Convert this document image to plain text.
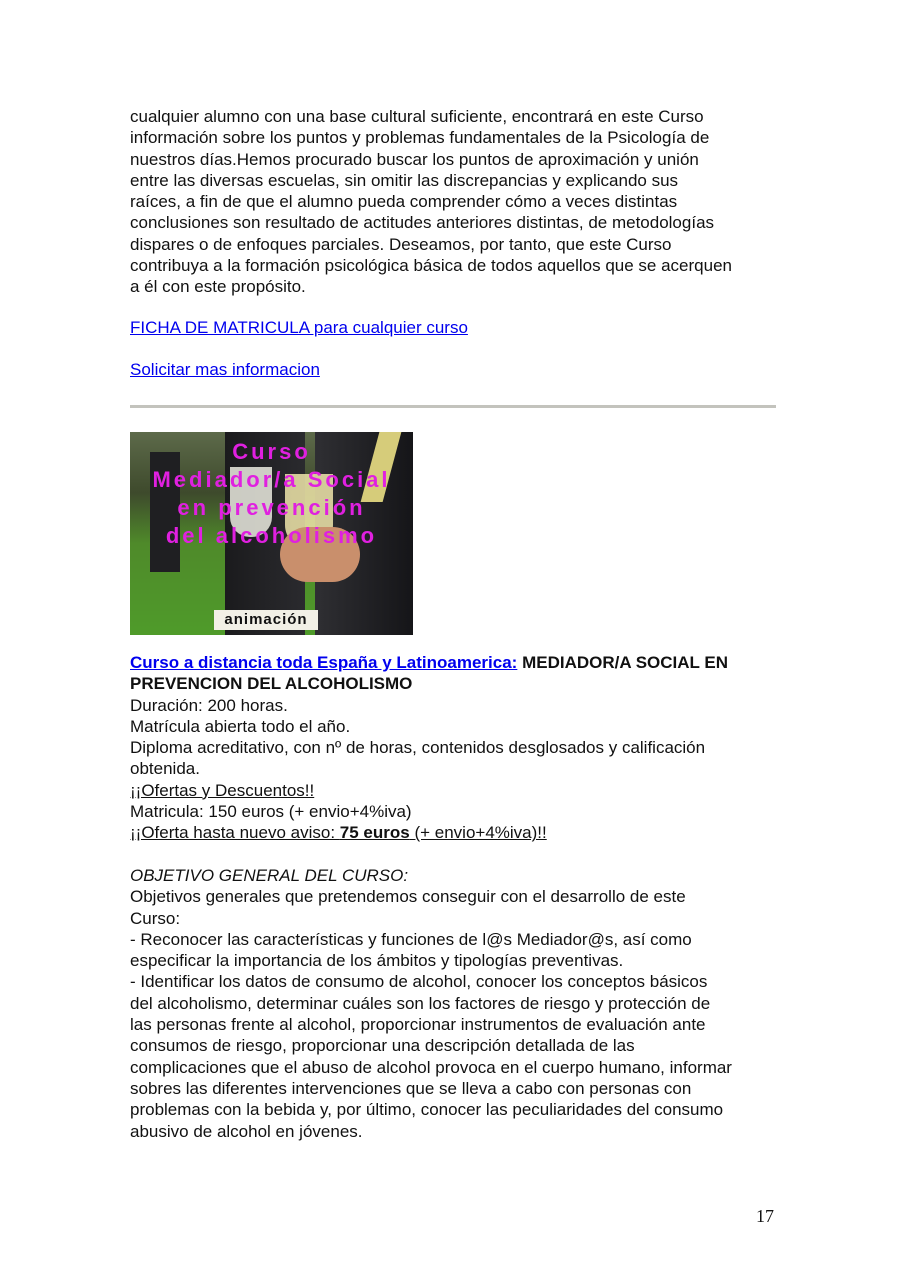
cualquier alumno con una base cultural suficiente, encontrará en este Curso
información sobre los puntos y problemas fundamentales de la Psicología de
nuestros días.Hemos procurado buscar los puntos de aproximación y unión
entre las diversas escuelas, sin omitir las discrepancias y explicando sus
raíces, a fin de que el alumno pueda comprender cómo a veces distintas
conclusiones son resultado de actitudes anteriores distintas, de metodologías
dispares o de enfoques parciales. Deseamos, por tanto, que este Curso
contribuya a la formación psicológica básica de todos aquellos que se acerquen
a él con este propósito.
FICHA DE MATRICULA para cualquier curso
Solicitar mas informacion
Curso
Mediador/a Social
en prevención
del alcoholismo
animación
Curso a distancia toda España y Latinoamerica: MEDIADOR/A SOCIAL EN
PREVENCION DEL ALCOHOLISMO
Duración: 200 horas.
Matrícula abierta todo el año.
Diploma acreditativo, con nº de horas, contenidos desglosados y calificación
obtenida.
¡¡Ofertas y Descuentos!!
Matricula: 150 euros (+ envio+4%iva)
¡¡Oferta hasta nuevo aviso: 75 euros (+ envio+4%iva)!!

OBJETIVO GENERAL DEL CURSO:
Objetivos generales que pretendemos conseguir con el desarrollo de este
Curso:
- Reconocer las características y funciones de l@s Mediador@s, así como
especificar la importancia de los ámbitos y tipologías preventivas.
- Identificar los datos de consumo de alcohol, conocer los conceptos básicos
del alcoholismo, determinar cuáles son los factores de riesgo y protección de
las personas frente al alcohol, proporcionar instrumentos de evaluación ante
consumos de riesgo, proporcionar una descripción detallada de las
complicaciones que el abuso de alcohol provoca en el cuerpo humano, informar
sobres las diferentes intervenciones que se lleva a cabo con personas con
problemas con la bebida y, por último, conocer las peculiaridades del consumo
abusivo de alcohol en jóvenes.
17
